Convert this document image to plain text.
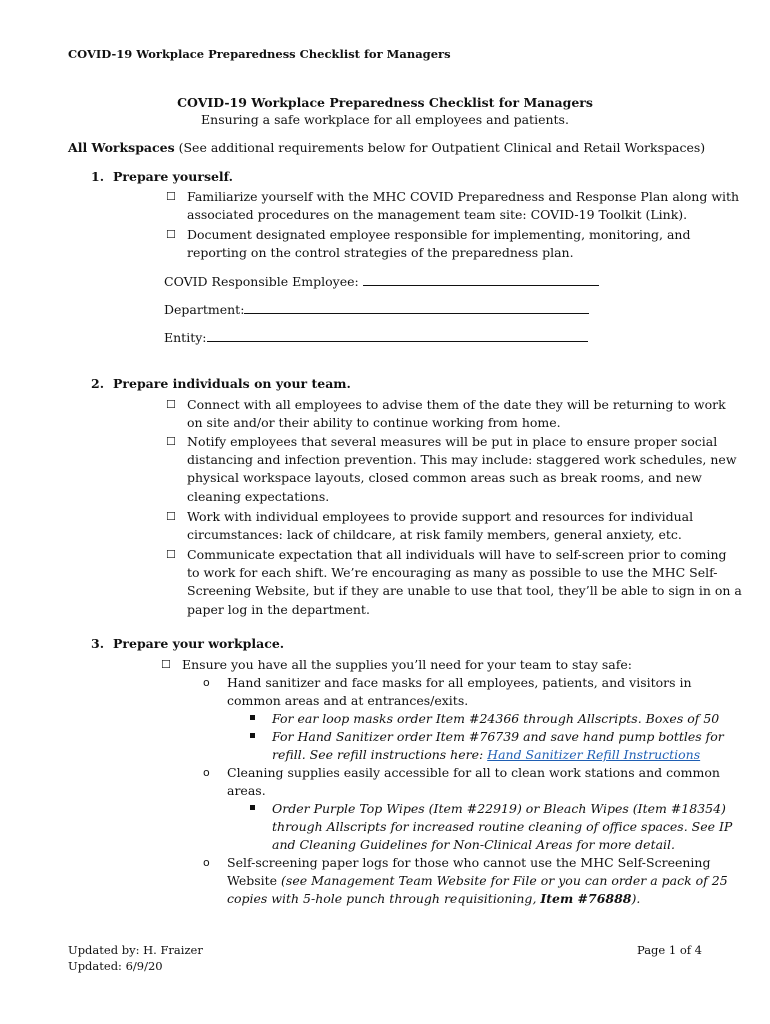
COVID-19 Workplace Preparedness Checklist for Managers
COVID-19 Workplace Preparedness Checklist for Managers
Ensuring a safe workplace for all employees and patients.
All Workspaces (See additional requirements below for Outpatient Clinical and Retail Workspaces)
1. Prepare yourself.
☐ Familiarize yourself with the MHC COVID Preparedness and Response Plan along with
associated procedures on the management team site: COVID-19 Toolkit (Link).
☐ Document designated employee responsible for implementing, monitoring, and
reporting on the control strategies of the preparedness plan.
COVID Responsible Employee:
Department:
Entity:
2. Prepare individuals on your team.
☐ Connect with all employees to advise them of the date they will be returning to work
on site and/or their ability to continue working from home.
☐ Notify employees that several measures will be put in place to ensure proper social
distancing and infection prevention. This may include: staggered work schedules, new
physical workspace layouts, closed common areas such as break rooms, and new
cleaning expectations.
☐ Work with individual employees to provide support and resources for individual
circumstances: lack of childcare, at risk family members, general anxiety, etc.
☐ Communicate expectation that all individuals will have to self-screen prior to coming
to work for each shift. We’re encouraging as many as possible to use the MHC Self-
Screening Website, but if they are unable to use that tool, they’ll be able to sign in on a
paper log in the department.
3. Prepare your workplace.
☐ Ensure you have all the supplies you’ll need for your team to stay safe:
o Hand sanitizer and face masks for all employees, patients, and visitors in
common areas and at entrances/exits.
For ear loop masks order Item #24366 through Allscripts. Boxes of 50
For Hand Sanitizer order Item #76739 and save hand pump bottles for
refill. See refill instructions here: Hand Sanitizer Refill Instructions
o Cleaning supplies easily accessible for all to clean work stations and common
areas.
Order Purple Top Wipes (Item #22919) or Bleach Wipes (Item #18354)
through Allscripts for increased routine cleaning of office spaces. See IP
and Cleaning Guidelines for Non-Clinical Areas for more detail.
o Self-screening paper logs for those who cannot use the MHC Self-Screening
Website (see Management Team Website for File or you can order a pack of 25
copies with 5-hole punch through requisitioning, Item #76888).
Updated by: H. Fraizer
Updated: 6/9/20
Page 1 of 4
